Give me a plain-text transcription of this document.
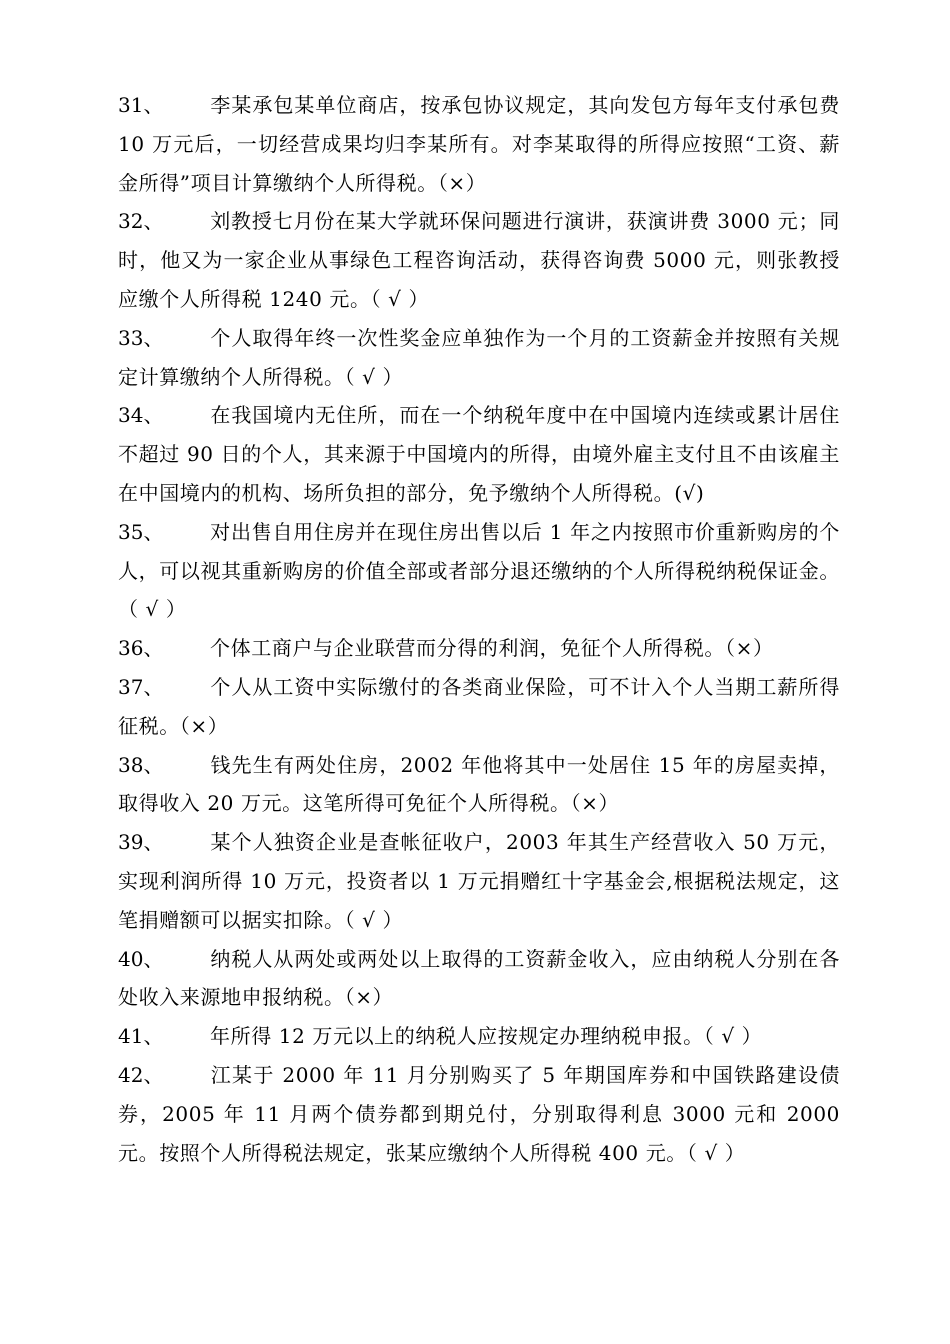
31、 李某承包某单位商店，按承包协议规定，其向发包方每年支付承包费 10 万元后，一切经营成果均归李某所有。对李某取得的所得应按照“工资、薪金所得”项目计算缴纳个人所得税。（×）

32、 刘教授七月份在某大学就环保问题进行演讲，获演讲费 3000 元；同时，他又为一家企业从事绿色工程咨询活动，获得咨询费 5000 元，则张教授应缴个人所得税 1240 元。（ √ ）

33、 个人取得年终一次性奖金应单独作为一个月的工资薪金并按照有关规定计算缴纳个人所得税。（ √ ）

34、 在我国境内无住所，而在一个纳税年度中在中国境内连续或累计居住不超过 90 日的个人，其来源于中国境内的所得，由境外雇主支付且不由该雇主在中国境内的机构、场所负担的部分，免予缴纳个人所得税。(√)

35、 对出售自用住房并在现住房出售以后 1 年之内按照市价重新购房的个人，可以视其重新购房的价值全部或者部分退还缴纳的个人所得税纳税保证金。（ √ ）

36、 个体工商户与企业联营而分得的利润，免征个人所得税。（×）

37、 个人从工资中实际缴付的各类商业保险，可不计入个人当期工薪所得征税。（×）

38、 钱先生有两处住房，2002 年他将其中一处居住 15 年的房屋卖掉，取得收入 20 万元。这笔所得可免征个人所得税。（×）

39、 某个人独资企业是查帐征收户，2003 年其生产经营收入 50 万元，实现利润所得 10 万元，投资者以 1 万元捐赠红十字基金会,根据税法规定，这笔捐赠额可以据实扣除。（ √ ）

40、 纳税人从两处或两处以上取得的工资薪金收入，应由纳税人分别在各处收入来源地申报纳税。（×）

41、 年所得 12 万元以上的纳税人应按规定办理纳税申报。（ √ ）

42、 江某于 2000 年 11 月分别购买了 5 年期国库券和中国铁路建设债券，2005 年 11 月两个债券都到期兑付，分别取得利息 3000 元和 2000 元。按照个人所得税法规定，张某应缴纳个人所得税 400 元。（ √ ）
